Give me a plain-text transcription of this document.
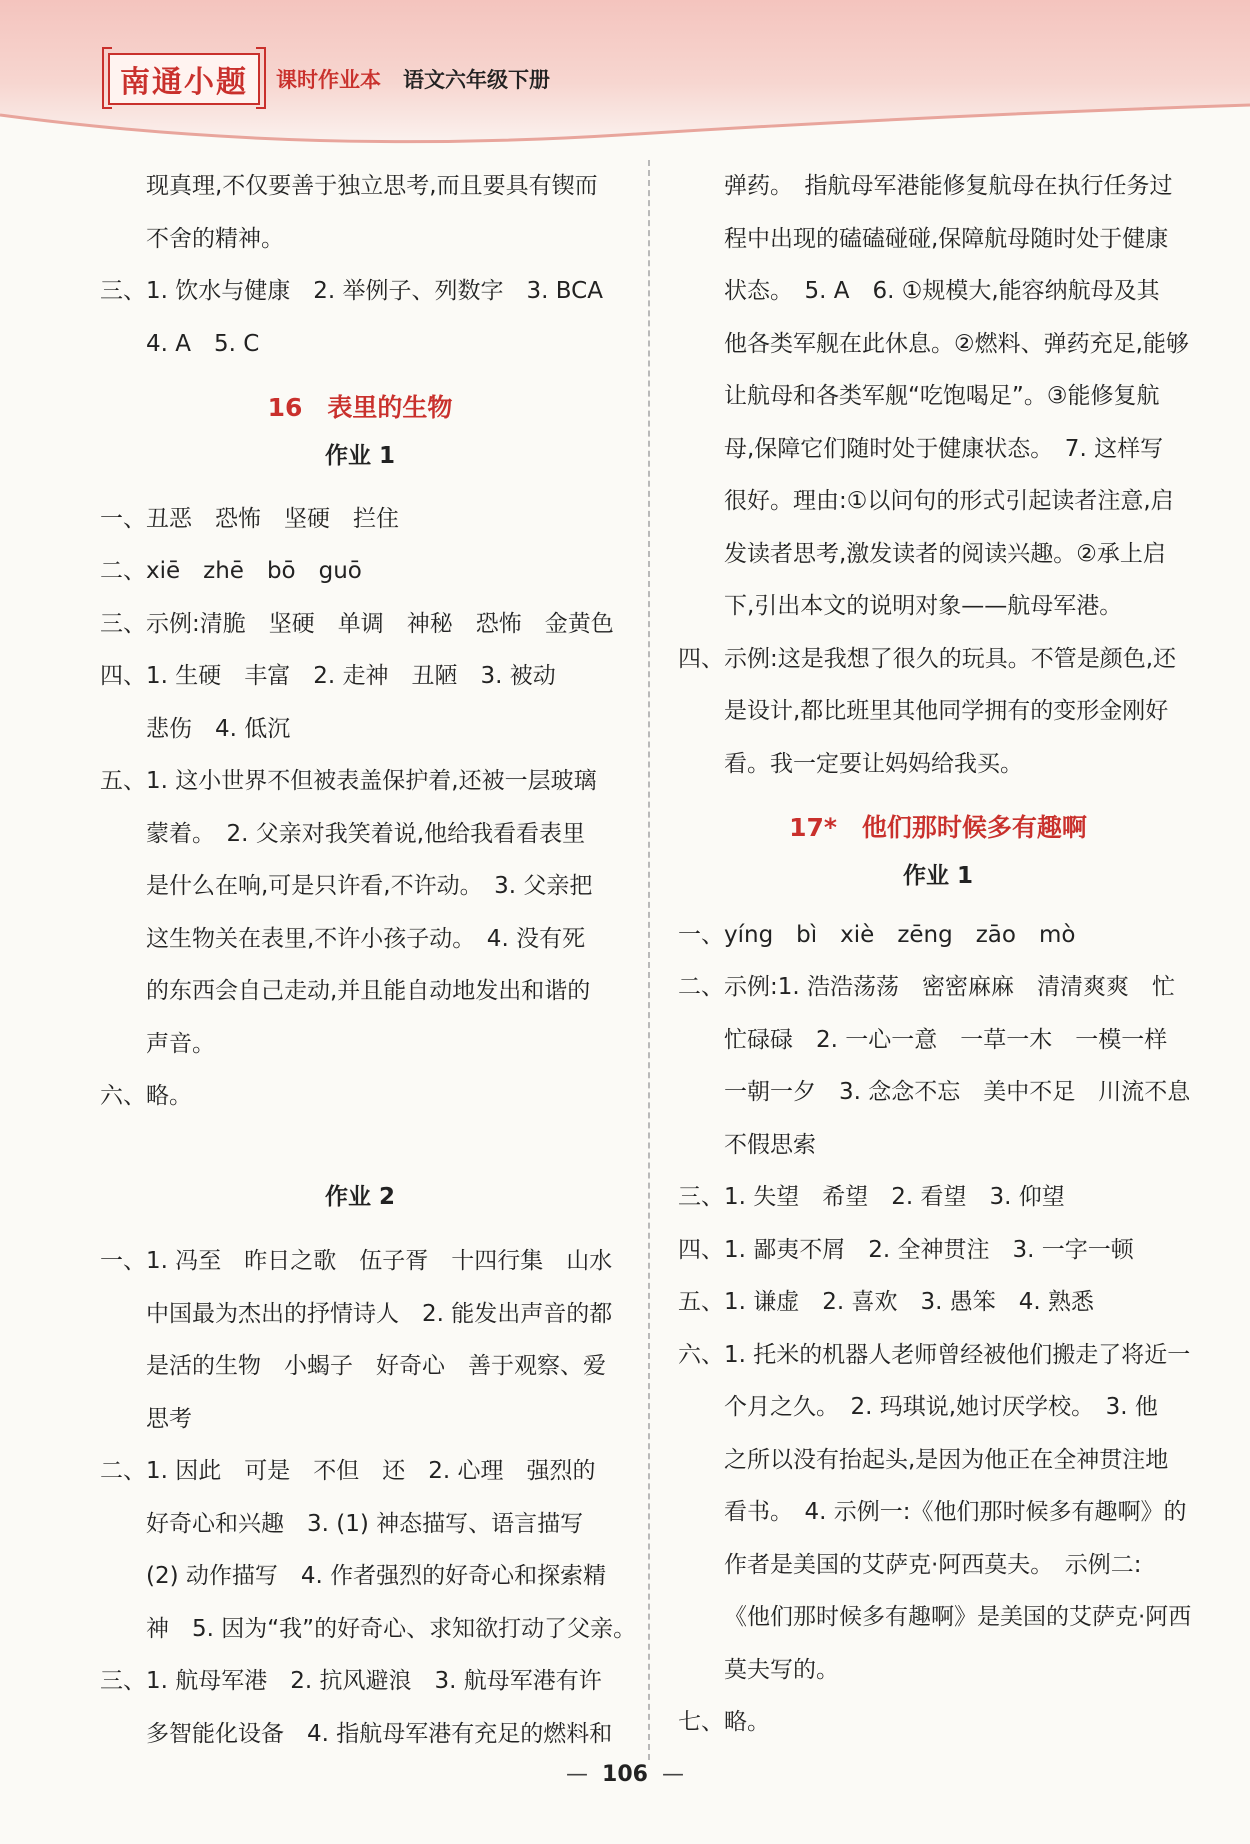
南通小题	课时作业本 语文六年级下册
现真理,不仅要善于独立思考,而且要具有锲而
不舍的精神。
三、1. 饮水与健康　2. 举例子、列数字　3. BCA
4. A　5. C
16　表里的生物
作业 1
一、丑恶　恐怖　坚硬　拦住
二、xiē　zhē　bō　guō
三、示例:清脆　坚硬　单调　神秘　恐怖　金黄色
四、1. 生硬　丰富　2. 走神　丑陋　3. 被动
悲伤　4. 低沉
五、1. 这小世界不但被表盖保护着,还被一层玻璃
蒙着。　2. 父亲对我笑着说,他给我看看表里
是什么在响,可是只许看,不许动。　3. 父亲把
这生物关在表里,不许小孩子动。　4. 没有死
的东西会自己走动,并且能自动地发出和谐的
声音。
六、略。
作业 2
一、1. 冯至　昨日之歌　伍子胥　十四行集　山水
中国最为杰出的抒情诗人　2. 能发出声音的都
是活的生物　小蝎子　好奇心　善于观察、爱
思考
二、1. 因此　可是　不但　还　2. 心理　强烈的
好奇心和兴趣　3. (1) 神态描写、语言描写
(2) 动作描写　4. 作者强烈的好奇心和探索精
神　5. 因为“我”的好奇心、求知欲打动了父亲。
三、1. 航母军港　2. 抗风避浪　3. 航母军港有许
多智能化设备　4. 指航母军港有充足的燃料和
弹药。　指航母军港能修复航母在执行任务过
程中出现的磕磕碰碰,保障航母随时处于健康
状态。　5. A　6. ①规模大,能容纳航母及其
他各类军舰在此休息。②燃料、弹药充足,能够
让航母和各类军舰“吃饱喝足”。③能修复航
母,保障它们随时处于健康状态。　7. 这样写
很好。理由:①以问句的形式引起读者注意,启
发读者思考,激发读者的阅读兴趣。②承上启
下,引出本文的说明对象——航母军港。
四、示例:这是我想了很久的玩具。不管是颜色,还
是设计,都比班里其他同学拥有的变形金刚好
看。我一定要让妈妈给我买。
17*　他们那时候多有趣啊
作业 1
一、yíng　bì　xiè　zēng　zāo　mò
二、示例:1. 浩浩荡荡　密密麻麻　清清爽爽　忙
忙碌碌　2. 一心一意　一草一木　一模一样
一朝一夕　3. 念念不忘　美中不足　川流不息
不假思索
三、1. 失望　希望　2. 看望　3. 仰望
四、1. 鄙夷不屑　2. 全神贯注　3. 一字一顿
五、1. 谦虚　2. 喜欢　3. 愚笨　4. 熟悉
六、1. 托米的机器人老师曾经被他们搬走了将近一
个月之久。　2. 玛琪说,她讨厌学校。　3. 他
之所以没有抬起头,是因为他正在全神贯注地
看书。　4. 示例一:《他们那时候多有趣啊》的
作者是美国的艾萨克·阿西莫夫。　示例二:
《他们那时候多有趣啊》是美国的艾萨克·阿西
莫夫写的。
七、略。
— 106 —
